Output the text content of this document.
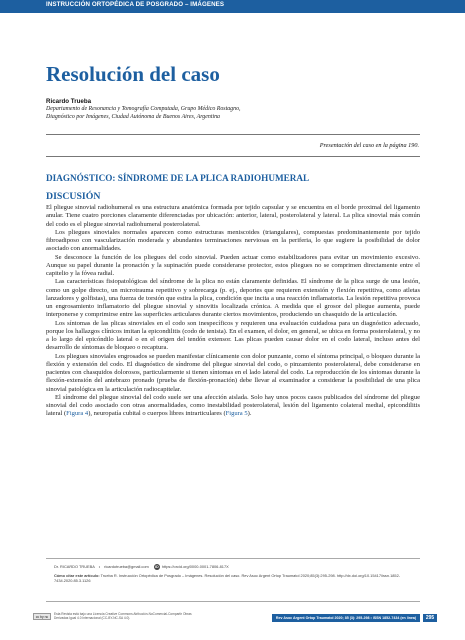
INSTRUCCIÓN ORTOPÉDICA DE POSGRADO – IMÁGENES
Resolución del caso
Ricardo Trueba
Departamento de Resonancia y Tomografía Computada, Grupo Médico Rostagno,
Diagnóstico por Imágenes, Ciudad Autónoma de Buenos Aires, Argentina
Presentación del caso en la página 190.
DIAGNÓSTICO: SÍNDROME DE LA PLICA RADIOHUMERAL
DISCUSIÓN

El pliegue sinovial radiohumeral es una estructura anatómica formada por tejido capsular y se encuentra en el borde proximal del ligamento anular. Tiene cuatro porciones claramente diferenciadas por ubicación: anterior, lateral, posterolateral y lateral. La plica sinovial más común del codo es el pliegue sinovial radiohumeral posterolateral.

Los pliegues sinoviales normales aparecen como estructuras meniscoides (triangulares), compuestas predominantemente por tejido fibroadiposo con vascularización moderada y abundantes terminaciones nerviosas en la periferia, lo que sugiere la posibilidad de dolor asociado con anormalidades.

Se desconoce la función de los pliegues del codo sinovial. Pueden actuar como estabilizadores para evitar un movimiento excesivo. Aunque su papel durante la pronación y la supinación puede considerarse protector, estos pliegues no se comprimen directamente entre el capitelio y la fóvea radial.

Las características fisiopatológicas del síndrome de la plica no están claramente definidas. El síndrome de la plica surge de una lesión, como un golpe directo, un microtrauma repetitivo y sobrecarga (p. ej., deportes que requieren extensión y flexión repetitiva, como atletas lanzadores y golfistas), una fuerza de torsión que estira la plica, condición que incita a una reacción inflamatoria. La lesión repetitiva provoca un engrosamiento inflamatorio del pliegue sinovial y sinovitis localizada crónica. A medida que el grosor del pliegue aumenta, puede interponerse y comprimirse entre las superficies articulares durante ciertos movimientos, produciendo un chasquido de la articulación.

Los síntomas de las plicas sinoviales en el codo son inespecíficos y requieren una evaluación cuidadosa para un diagnóstico adecuado, porque los hallazgos clínicos imitan la epicondilitis (codo de tenista). En el examen, el dolor, en general, se ubica en forma posterolateral, y no a lo largo del epicóndilo lateral o en el origen del tendón extensor. Las plicas pueden causar dolor en el codo lateral, incluso antes del desarrollo de síntomas de bloqueo o recaptura.

Los pliegues sinoviales engrosados se pueden manifestar clínicamente con dolor punzante, como el síntoma principal, o bloqueo durante la flexión y extensión del codo. El diagnóstico de síndrome del pliegue sinovial del codo, o pinzamiento posterolateral, debe considerarse en pacientes con chasquidos dolorosos, particularmente si tienen síntomas en el lado lateral del codo. La reproducción de los síntomas durante la flexión-extensión del antebrazo pronado (prueba de flexión-pronación) debe llevar al examinador a considerar la posibilidad de una plica sinovial patológica en la articulación radiocapitelar.

El síndrome del pliegue sinovial del codo suele ser una afección aislada. Solo hay unos pocos casos publicados del síndrome del pliegue sinovial del codo asociado con otras anormalidades, como inestabilidad posterolateral, lesión del ligamento colateral medial, epicondilitis lateral (Figura 4), neuropatía cubital o cuerpos libres intrarticulares (Figura 5).

Dr. RICARDO TRUEBA • ricardotrueba@gmail.com iD https://orcid.org/0000-0001-7806-817X
Cómo citar este artículo: Trueba R. Instrucción Ortopédica de Posgrado – Imágenes. Resolución del caso. Rev Asoc Argent Ortop Traumatol 2020;85(3):295-298. http://dx.doi.org/10.15417/issn.1852-7434.2020.85.3.1126
cc by nc
Esta Revista está bajo una Licencia Creative Commons Atribución-NoComercial-Compartir Obras Derivadas Igual 4.0 Internacional (CC-BY-NC-SA 4.0).	Rev Asoc Argent Ortop Traumatol 2020; 85 (3): 295-298 • ISSN 1852-7434 (en línea)	295
